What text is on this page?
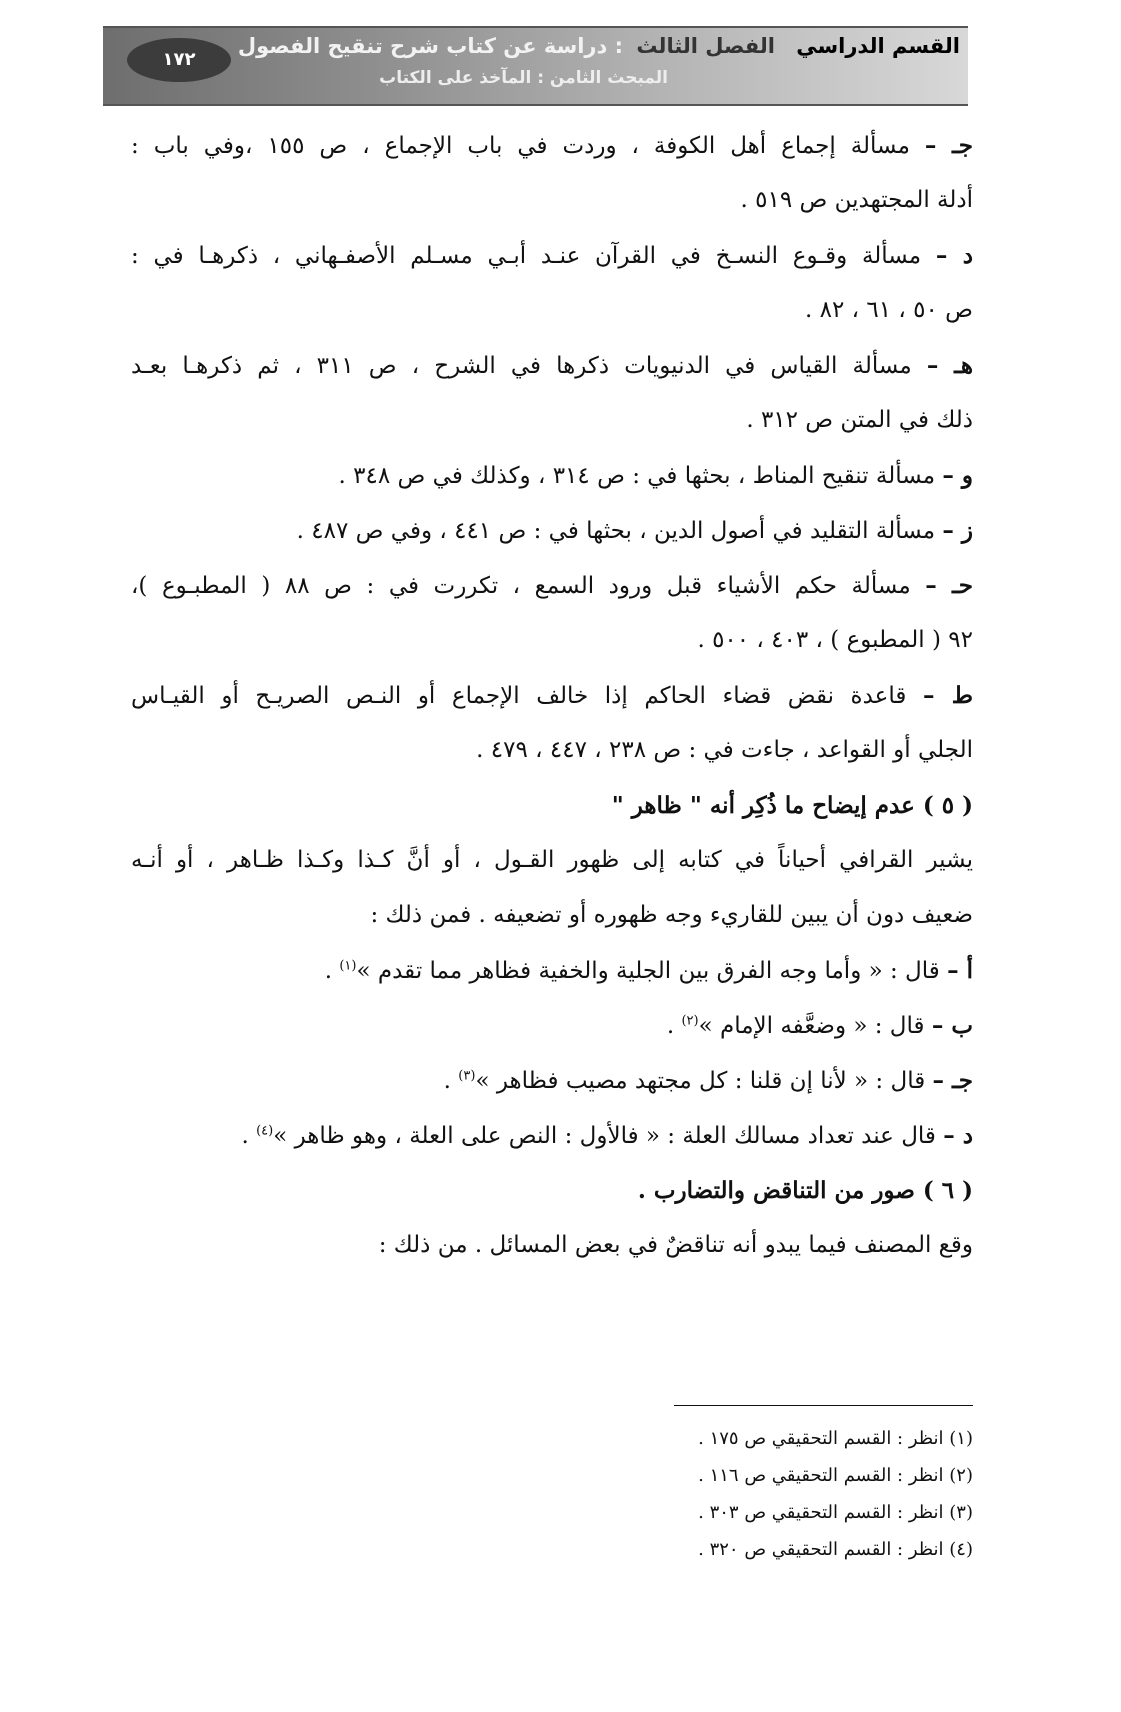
القسم الدراسي الفصل الثالث : دراسة عن كتاب شرح تنقيح الفصول
المبحث الثامن : المآخذ على الكتاب
١٧٢
جـ – مسألة إجماع أهل الكوفة ، وردت في باب الإجماع ، ص ١٥٥ ،وفي باب :
أدلة المجتهدين ص ٥١٩ .
د – مسألة وقـوع النسـخ في القرآن عنـد أبـي مسـلم الأصفـهاني ، ذكرهـا في :
ص ٥٠ ، ٦١ ، ٨٢ .
هـ – مسألة القياس في الدنيويات ذكرها في الشرح ، ص ٣١١ ، ثم ذكرهـا بعـد
ذلك في المتن ص ٣١٢ .
و – مسألة تنقيح المناط ، بحثها في : ص ٣١٤ ، وكذلك في ص ٣٤٨ .
ز – مسألة التقليد في أصول الدين ، بحثها في : ص ٤٤١ ، وفي ص ٤٨٧ .
حـ – مسألة حكم الأشياء قبل ورود السمع ، تكررت في : ص ٨٨ ( المطبـوع )،
٩٢ ( المطبوع ) ، ٤٠٣ ، ٥٠٠ .
ط – قاعدة نقض قضاء الحاكم إذا خالف الإجماع أو النـص الصريـح أو القيـاس
الجلي أو القواعد ، جاءت في : ص ٢٣٨ ، ٤٤٧ ، ٤٧٩ .
( ٥ ) عدم إيضاح ما ذُكِر أنه " ظاهر "
يشير القرافي أحياناً في كتابه إلى ظهور القـول ، أو أنَّ كـذا وكـذا ظـاهر ، أو أنـه
ضعيف دون أن يبين للقاريء وجه ظهوره أو تضعيفه . فمن ذلك :
أ – قال : « وأما وجه الفرق بين الجلية والخفية فظاهر مما تقدم »$^{(١)}$ .
ب – قال : « وضعَّفه الإمام »$^{(٢)}$ .
جـ – قال : « لأنا إن قلنا : كل مجتهد مصيب فظاهر »$^{(٣)}$ .
د – قال عند تعداد مسالك العلة : « فالأول : النص على العلة ، وهو ظاهر »$^{(٤)}$ .
( ٦ ) صور من التناقض والتضارب .
وقع المصنف فيما يبدو أنه تناقضٌ في بعض المسائل . من ذلك :
(١) انظر : القسم التحقيقي ص ١٧٥ .
(٢) انظر : القسم التحقيقي ص ١١٦ .
(٣) انظر : القسم التحقيقي ص ٣٠٣ .
(٤) انظر : القسم التحقيقي ص ٣٢٠ .
